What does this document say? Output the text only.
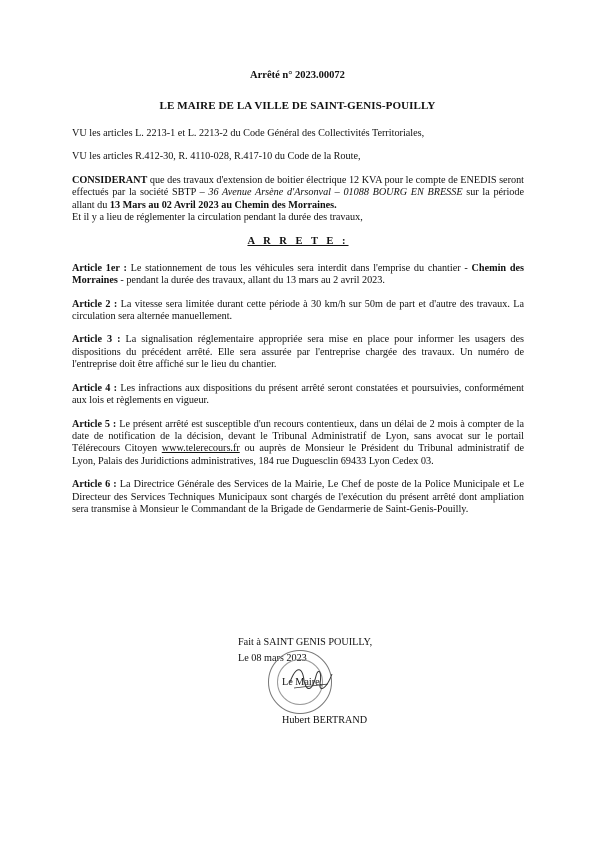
Arrêté n° 2023.00072
LE MAIRE DE LA VILLE DE SAINT-GENIS-POUILLY

VU les articles L. 2213-1 et L. 2213-2 du Code Général des Collectivités Territoriales,

VU les articles R.412-30, R. 4110-028, R.417-10 du Code de la Route,

CONSIDERANT que des travaux d'extension de boitier électrique 12 KVA pour le compte de ENEDIS seront effectués par la société SBTP – 36 Avenue Arsène d'Arsonval – 01088 BOURG EN BRESSE sur la période allant du 13 Mars au 02 Avril 2023 au Chemin des Morraines.

Et il y a lieu de réglementer la circulation pendant la durée des travaux,

A R R E T E :

Article 1er : Le stationnement de tous les véhicules sera interdit dans l'emprise du chantier - Chemin des Morraines - pendant la durée des travaux, allant du 13 mars au 2 avril 2023.

Article 2 : La vitesse sera limitée durant cette période à 30 km/h sur 50m de part et d'autre des travaux. La circulation sera alternée manuellement.

Article 3 : La signalisation réglementaire appropriée sera mise en place pour informer les usagers des dispositions du précédent arrêté. Elle sera assurée par l'entreprise chargée des travaux. Un numéro de l'entreprise doit être affiché sur le lieu du chantier.

Article 4 : Les infractions aux dispositions du présent arrêté seront constatées et poursuivies, conformément aux lois et règlements en vigueur.

Article 5 : Le présent arrêté est susceptible d'un recours contentieux, dans un délai de 2 mois à compter de la date de notification de la décision, devant le Tribunal Administratif de Lyon, sans avocat sur le portail Télérecours Citoyen www.telerecours.fr ou auprès de Monsieur le Président du Tribunal administratif de Lyon, Palais des Juridictions administratives, 184 rue Duguesclin 69433 Lyon Cedex 03.

Article 6 : La Directrice Générale des Services de la Mairie, Le Chef de poste de la Police Municipale et Le Directeur des Services Techniques Municipaux sont chargés de l'exécution du présent arrêté dont ampliation sera transmise à Monsieur le Commandant de la Brigade de Gendarmerie de Saint-Genis-Pouilly.

Fait à SAINT GENIS POUILLY,
Le 08 mars 2023
Le Maire,
Hubert BERTRAND
